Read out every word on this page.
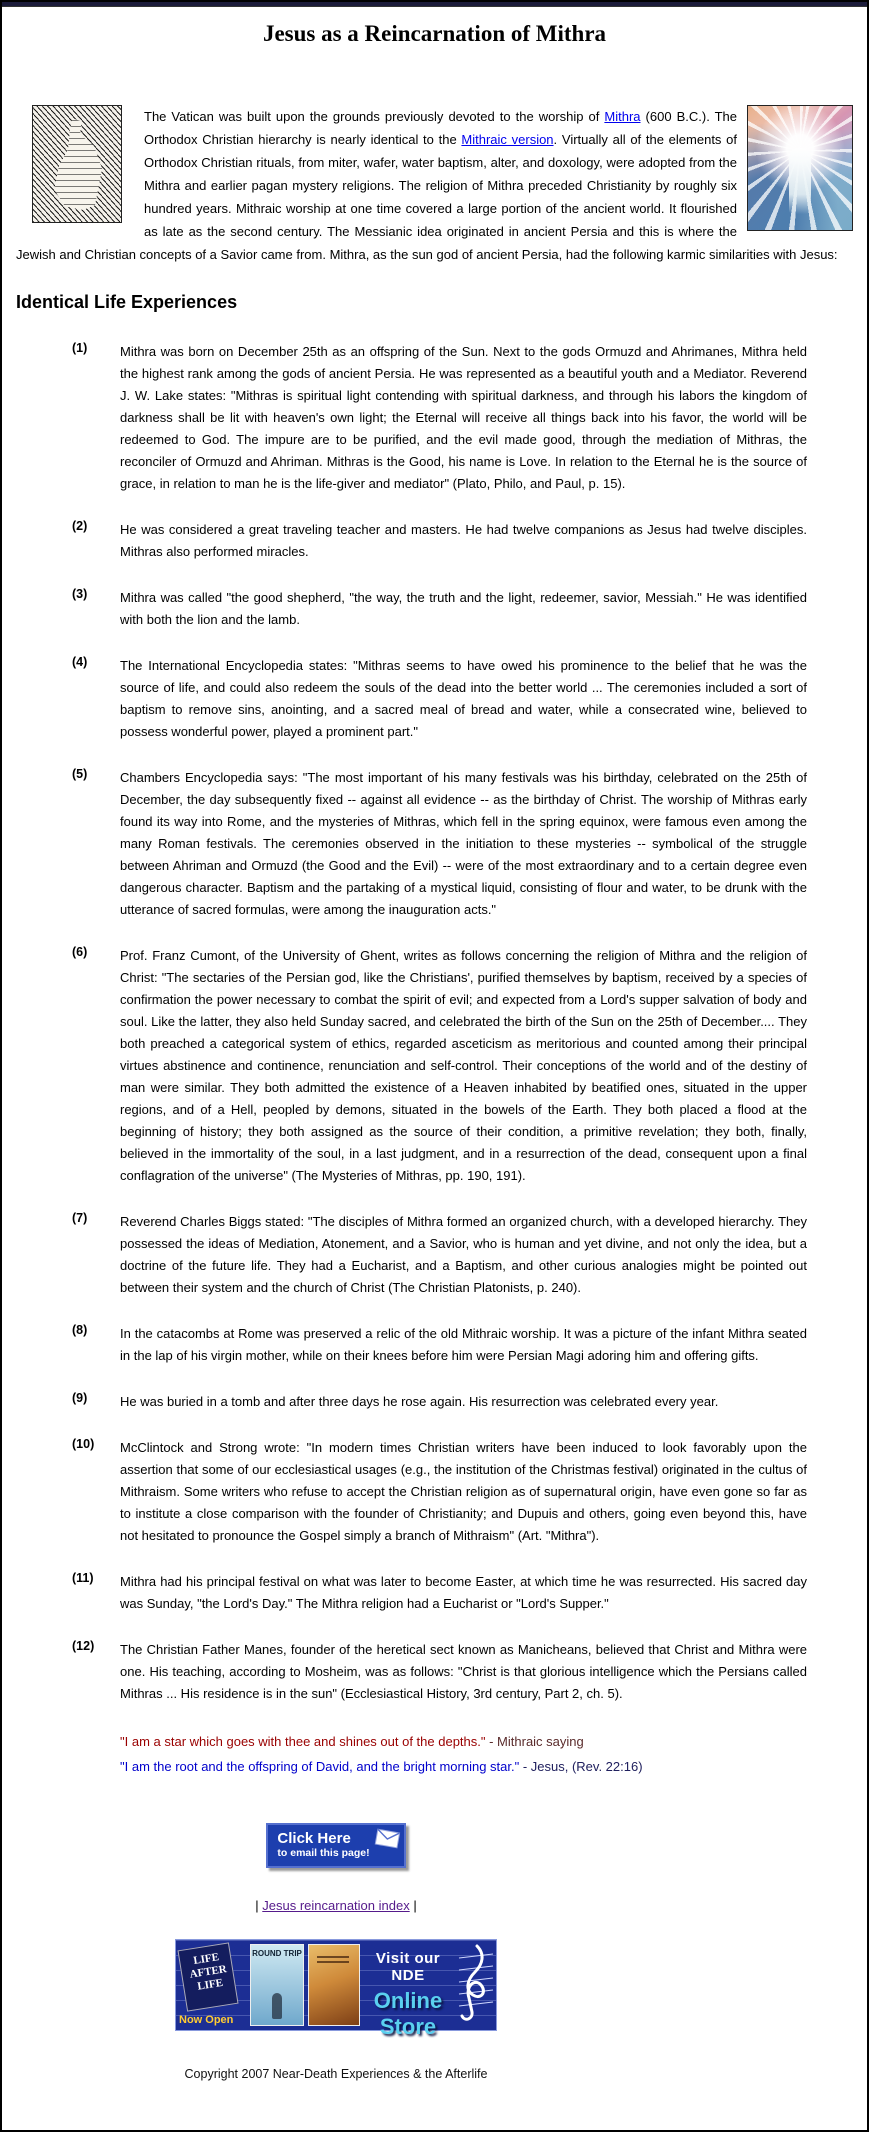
Jesus as a Reincarnation of Mithra
The Vatican was built upon the grounds previously devoted to the worship of Mithra (600 B.C.). The Orthodox Christian hierarchy is nearly identical to the Mithraic version. Virtually all of the elements of Orthodox Christian rituals, from miter, wafer, water baptism, alter, and doxology, were adopted from the Mithra and earlier pagan mystery religions. The religion of Mithra preceded Christianity by roughly six hundred years. Mithraic worship at one time covered a large portion of the ancient world. It flourished as late as the second century. The Messianic idea originated in ancient Persia and this is where the Jewish and Christian concepts of a Savior came from. Mithra, as the sun god of ancient Persia, had the following karmic similarities with Jesus:
Identical Life Experiences
(1)	Mithra was born on December 25th as an offspring of the Sun. Next to the gods Ormuzd and Ahrimanes, Mithra held the highest rank among the gods of ancient Persia. He was represented as a beautiful youth and a Mediator. Reverend J. W. Lake states: "Mithras is spiritual light contending with spiritual darkness, and through his labors the kingdom of darkness shall be lit with heaven's own light; the Eternal will receive all things back into his favor, the world will be redeemed to God. The impure are to be purified, and the evil made good, through the mediation of Mithras, the reconciler of Ormuzd and Ahriman. Mithras is the Good, his name is Love. In relation to the Eternal he is the source of grace, in relation to man he is the life-giver and mediator" (Plato, Philo, and Paul, p. 15).
(2)	He was considered a great traveling teacher and masters. He had twelve companions as Jesus had twelve disciples. Mithras also performed miracles.
(3)	Mithra was called "the good shepherd, "the way, the truth and the light, redeemer, savior, Messiah." He was identified with both the lion and the lamb.
(4)	The International Encyclopedia states: "Mithras seems to have owed his prominence to the belief that he was the source of life, and could also redeem the souls of the dead into the better world ... The ceremonies included a sort of baptism to remove sins, anointing, and a sacred meal of bread and water, while a consecrated wine, believed to possess wonderful power, played a prominent part."
(5)	Chambers Encyclopedia says: "The most important of his many festivals was his birthday, celebrated on the 25th of December, the day subsequently fixed -- against all evidence -- as the birthday of Christ. The worship of Mithras early found its way into Rome, and the mysteries of Mithras, which fell in the spring equinox, were famous even among the many Roman festivals. The ceremonies observed in the initiation to these mysteries -- symbolical of the struggle between Ahriman and Ormuzd (the Good and the Evil) -- were of the most extraordinary and to a certain degree even dangerous character. Baptism and the partaking of a mystical liquid, consisting of flour and water, to be drunk with the utterance of sacred formulas, were among the inauguration acts."
(6)	Prof. Franz Cumont, of the University of Ghent, writes as follows concerning the religion of Mithra and the religion of Christ: "The sectaries of the Persian god, like the Christians', purified themselves by baptism, received by a species of confirmation the power necessary to combat the spirit of evil; and expected from a Lord's supper salvation of body and soul. Like the latter, they also held Sunday sacred, and celebrated the birth of the Sun on the 25th of December.... They both preached a categorical system of ethics, regarded asceticism as meritorious and counted among their principal virtues abstinence and continence, renunciation and self-control. Their conceptions of the world and of the destiny of man were similar. They both admitted the existence of a Heaven inhabited by beatified ones, situated in the upper regions, and of a Hell, peopled by demons, situated in the bowels of the Earth. They both placed a flood at the beginning of history; they both assigned as the source of their condition, a primitive revelation; they both, finally, believed in the immortality of the soul, in a last judgment, and in a resurrection of the dead, consequent upon a final conflagration of the universe" (The Mysteries of Mithras, pp. 190, 191).
(7)	Reverend Charles Biggs stated: "The disciples of Mithra formed an organized church, with a developed hierarchy. They possessed the ideas of Mediation, Atonement, and a Savior, who is human and yet divine, and not only the idea, but a doctrine of the future life. They had a Eucharist, and a Baptism, and other curious analogies might be pointed out between their system and the church of Christ (The Christian Platonists, p. 240).
(8)	In the catacombs at Rome was preserved a relic of the old Mithraic worship. It was a picture of the infant Mithra seated in the lap of his virgin mother, while on their knees before him were Persian Magi adoring him and offering gifts.
(9)	He was buried in a tomb and after three days he rose again. His resurrection was celebrated every year.
(10) McClintock and Strong wrote: "In modern times Christian writers have been induced to look favorably upon the assertion that some of our ecclesiastical usages (e.g., the institution of the Christmas festival) originated in the cultus of Mithraism. Some writers who refuse to accept the Christian religion as of supernatural origin, have even gone so far as to institute a close comparison with the founder of Christianity; and Dupuis and others, going even beyond this, have not hesitated to pronounce the Gospel simply a branch of Mithraism" (Art. "Mithra").
(11) Mithra had his principal festival on what was later to become Easter, at which time he was resurrected. His sacred day was Sunday, "the Lord's Day." The Mithra religion had a Eucharist or "Lord's Supper."
(12) The Christian Father Manes, founder of the heretical sect known as Manicheans, believed that Christ and Mithra were one. His teaching, according to Mosheim, was as follows: "Christ is that glorious intelligence which the Persians called Mithras ... His residence is in the sun" (Ecclesiastical History, 3rd century, Part 2, ch. 5).
"I am a star which goes with thee and shines out of the depths." - Mithraic saying
"I am the root and the offspring of David, and the bright morning star." - Jesus, (Rev. 22:16)
Click Here
to email this page!
| Jesus reincarnation index |
LIFE AFTER LIFE
Now Open
ROUND TRIP	Visit our NDE
Online Store
Copyright 2007 Near-Death Experiences & the Afterlife
